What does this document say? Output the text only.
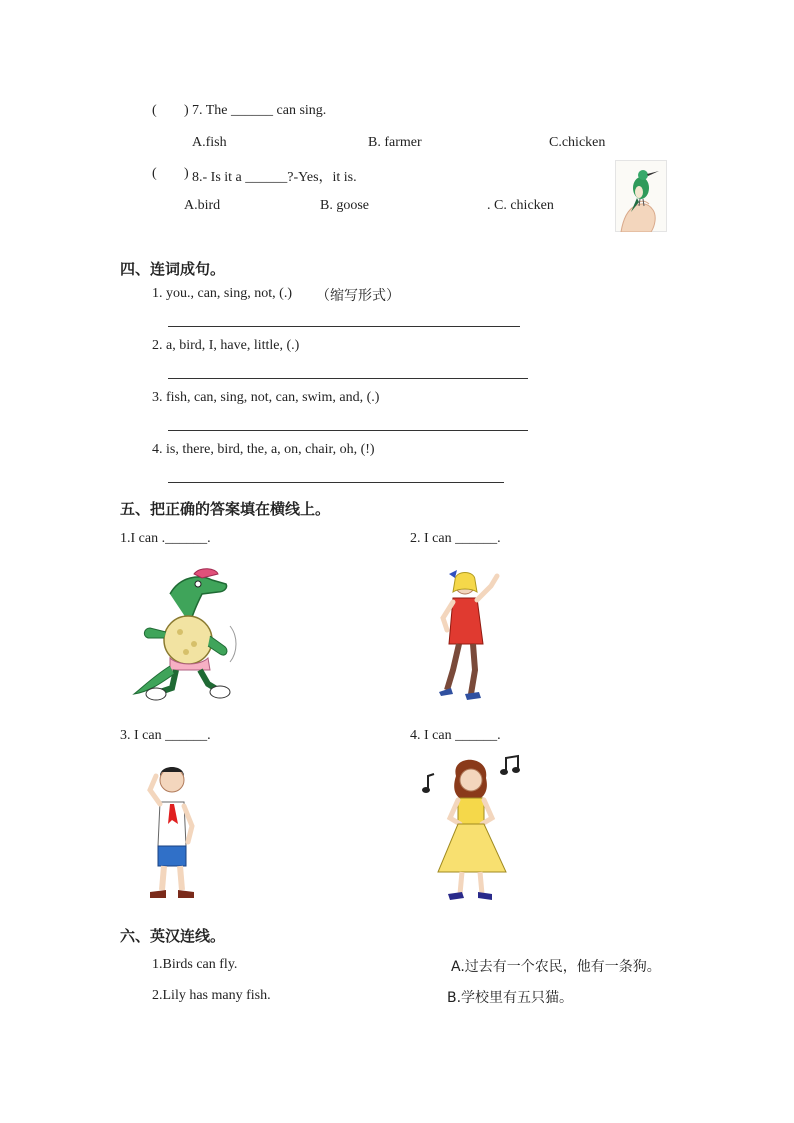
( ) 7. The ______ can sing.
A.fish	B. farmer	C.chicken
( ) 8.- Is it a ______?-Yes，it is.
A.bird	B. goose	. C. chicken
四、连词成句。
1. you., can, sing, not, (.) （缩写形式）
2. a, bird, I, have, little, (.)
3. fish, can, sing, not, can, swim, and, (.)
4. is, there, bird, the, a, on, chair, oh, (!)
五、把正确的答案填在横线上。
1.I can .______.	2. I can ______.
3. I can ______.	4. I can ______.
六、英汉连线。
1.Birds can fly.	A.过去有一个农民，他有一条狗。
2.Lily has many fish.	B.学校里有五只猫。
